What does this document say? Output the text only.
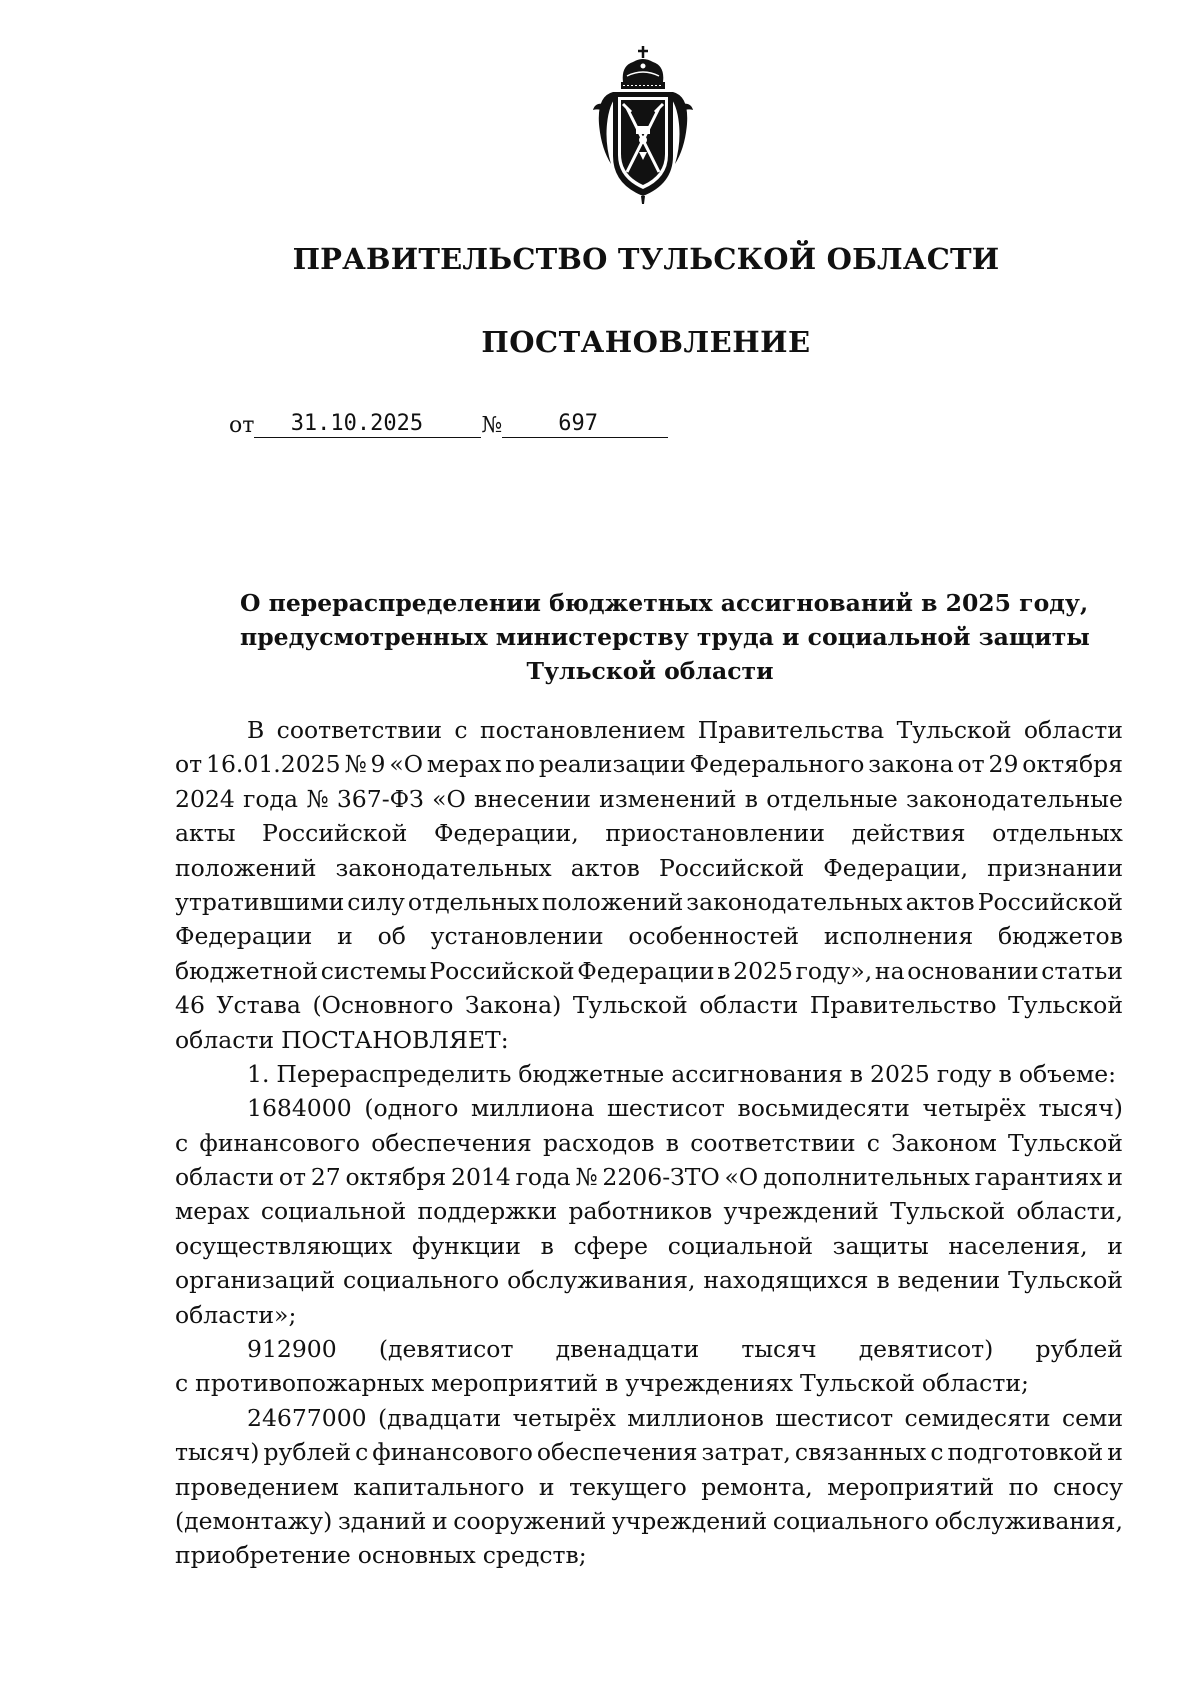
ПРАВИТЕЛЬСТВО ТУЛЬСКОЙ ОБЛАСТИ
ПОСТАНОВЛЕНИЕ
от	31.10.2025	№	697
О перераспределении бюджетных ассигнований в 2025 году,
предусмотренных министерству труда и социальной защиты
Тульской области
В соответствии с постановлением Правительства Тульской области
от 16.01.2025 № 9 «О мерах по реализации Федерального закона от 29 октября
2024 года № 367-ФЗ «О внесении изменений в отдельные законодательные
акты Российской Федерации, приостановлении действия отдельных
положений законодательных актов Российской Федерации, признании
утратившими силу отдельных положений законодательных актов Российской
Федерации и об установлении особенностей исполнения бюджетов
бюджетной системы Российской Федерации в 2025 году», на основании статьи
46 Устава (Основного Закона) Тульской области Правительство Тульской
области ПОСТАНОВЛЯЕТ:
1. Перераспределить бюджетные ассигнования в 2025 году в объеме:
1684000 (одного миллиона шестисот восьмидесяти четырёх тысяч)
с финансового обеспечения расходов в соответствии с Законом Тульской
области от 27 октября 2014 года № 2206-ЗТО «О дополнительных гарантиях и
мерах социальной поддержки работников учреждений Тульской области,
осуществляющих функции в сфере социальной защиты населения, и
организаций социального обслуживания, находящихся в ведении Тульской
области»;
912900 (девятисот двенадцати тысяч девятисот) рублей
с противопожарных мероприятий в учреждениях Тульской области;
24677000 (двадцати четырёх миллионов шестисот семидесяти семи
тысяч) рублей с финансового обеспечения затрат, связанных с подготовкой и
проведением капитального и текущего ремонта, мероприятий по сносу
(демонтажу) зданий и сооружений учреждений социального обслуживания,
приобретение основных средств;
